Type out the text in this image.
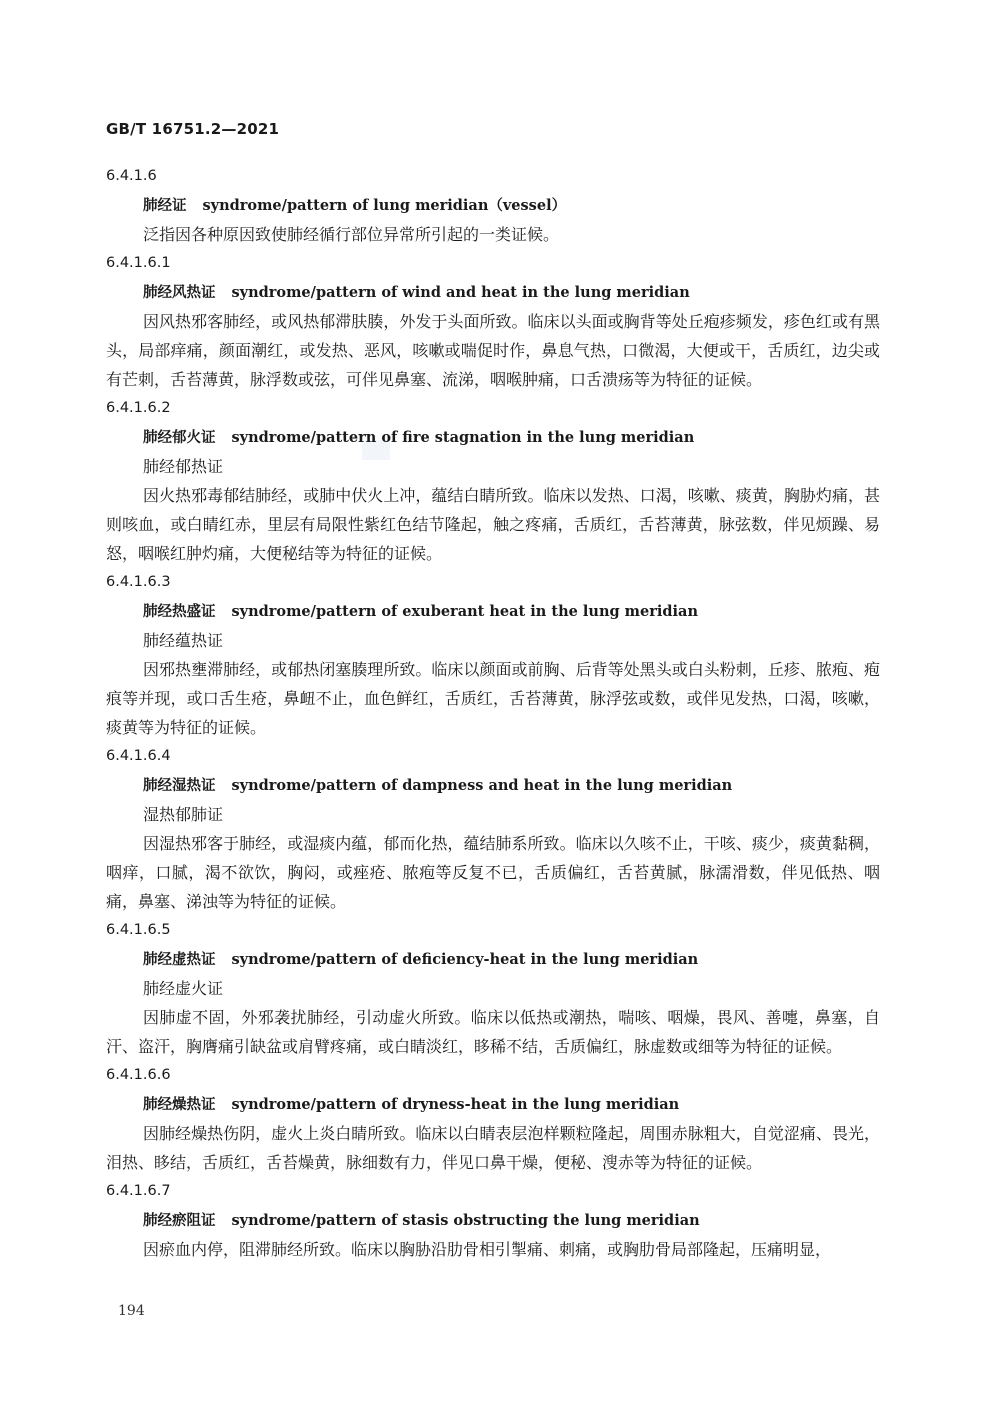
GB/T 16751.2—2021
6.4.1.6
肺经证 syndrome/pattern of lung meridian（vessel）

泛指因各种原因致使肺经循行部位异常所引起的一类证候。

6.4.1.6.1
肺经风热证 syndrome/pattern of wind and heat in the lung meridian

因风热邪客肺经，或风热郁滞肤腠，外发于头面所致。临床以头面或胸背等处丘疱疹频发，疹色红或有黑头，局部痒痛，颜面潮红，或发热、恶风，咳嗽或喘促时作，鼻息气热，口微渴，大便或干，舌质红，边尖或有芒刺，舌苔薄黄，脉浮数或弦，可伴见鼻塞、流涕，咽喉肿痛，口舌溃疡等为特征的证候。

6.4.1.6.2
肺经郁火证 syndrome/pattern of fire stagnation in the lung meridian
肺经郁热证

因火热邪毒郁结肺经，或肺中伏火上冲，蕴结白睛所致。临床以发热、口渴，咳嗽、痰黄，胸胁灼痛，甚则咳血，或白睛红赤，里层有局限性紫红色结节隆起，触之疼痛，舌质红，舌苔薄黄，脉弦数，伴见烦躁、易怒，咽喉红肿灼痛，大便秘结等为特征的证候。

6.4.1.6.3
肺经热盛证 syndrome/pattern of exuberant heat in the lung meridian
肺经蕴热证

因邪热壅滞肺经，或郁热闭塞腠理所致。临床以颜面或前胸、后背等处黑头或白头粉刺，丘疹、脓疱、疱痕等并现，或口舌生疮，鼻衄不止，血色鲜红，舌质红，舌苔薄黄，脉浮弦或数，或伴见发热，口渴，咳嗽，痰黄等为特征的证候。

6.4.1.6.4
肺经湿热证 syndrome/pattern of dampness and heat in the lung meridian
湿热郁肺证

因湿热邪客于肺经，或湿痰内蕴，郁而化热，蕴结肺系所致。临床以久咳不止，干咳、痰少，痰黄黏稠，咽痒，口腻，渴不欲饮，胸闷，或痤疮、脓疱等反复不已，舌质偏红，舌苔黄腻，脉濡滑数，伴见低热、咽痛，鼻塞、涕浊等为特征的证候。

6.4.1.6.5
肺经虚热证 syndrome/pattern of deficiency-heat in the lung meridian
肺经虚火证

因肺虚不固，外邪袭扰肺经，引动虚火所致。临床以低热或潮热，喘咳、咽燥，畏风、善嚏，鼻塞，自汗、盗汗，胸膺痛引缺盆或肩臂疼痛，或白睛淡红，眵稀不结，舌质偏红，脉虚数或细等为特征的证候。

6.4.1.6.6
肺经燥热证 syndrome/pattern of dryness-heat in the lung meridian

因肺经燥热伤阴，虚火上炎白睛所致。临床以白睛表层泡样颗粒隆起，周围赤脉粗大，自觉涩痛、畏光，泪热、眵结，舌质红，舌苔燥黄，脉细数有力，伴见口鼻干燥，便秘、溲赤等为特征的证候。

6.4.1.6.7
肺经瘀阻证 syndrome/pattern of stasis obstructing the lung meridian

因瘀血内停，阻滞肺经所致。临床以胸胁沿肋骨相引掣痛、刺痛，或胸肋骨局部隆起，压痛明显，

194
